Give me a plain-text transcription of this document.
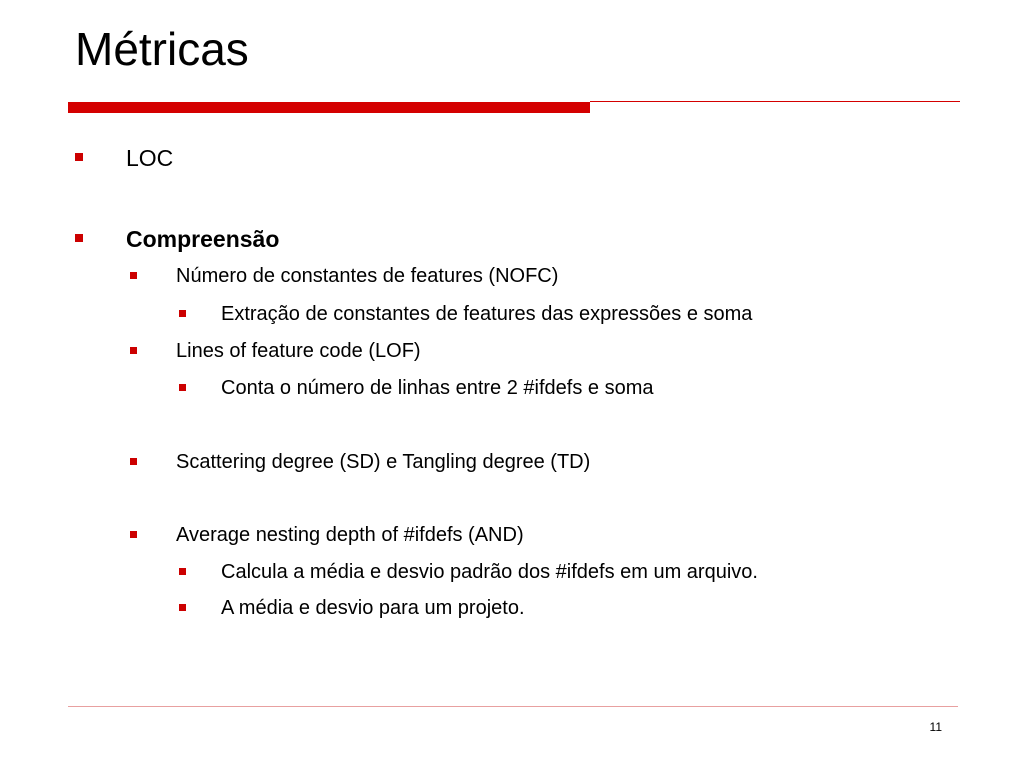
Métricas
LOC
Compreensão
Número de constantes de features (NOFC)
Extração de constantes de features das expressões e soma
Lines of feature code (LOF)
Conta o número de linhas entre 2 #ifdefs e soma
Scattering degree (SD) e Tangling degree (TD)
Average nesting depth of #ifdefs (AND)
Calcula a média e desvio padrão dos #ifdefs em um arquivo.
A média e desvio para um projeto.
11
